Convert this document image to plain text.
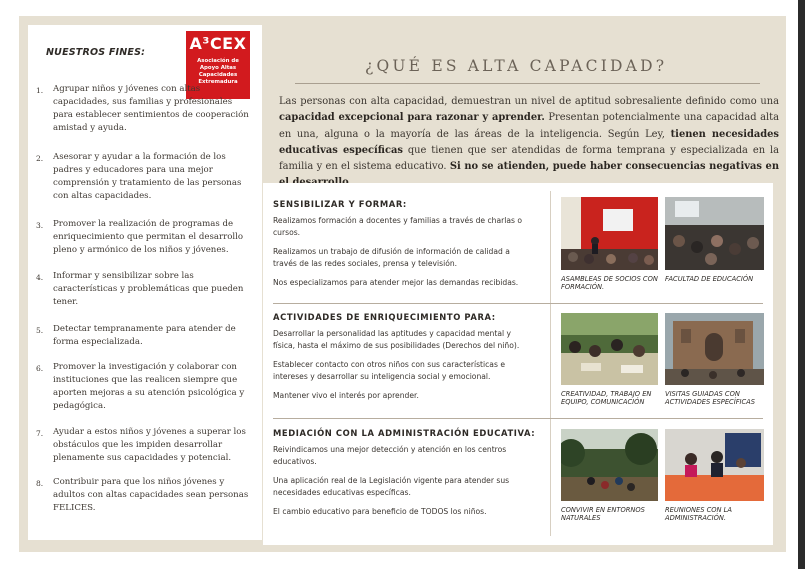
NUESTROS FINES:	A³CEX
Asociación de Apoyo Altas Capacidades Extremadura
1. Agrupar niños y jóvenes con altas capacidades, sus familias y profesionales para establecer sentimientos de cooperación amistad y ayuda.
2. Asesorar y ayudar a la formación de los padres y educadores para una mejor comprensión y tratamiento de las personas con altas capacidades.
3. Promover la realización de programas de enriquecimiento que permitan el desarrollo pleno y armónico de los niños y jóvenes.
4. Informar y sensibilizar sobre las características y problemáticas que pueden tener.
5. Detectar tempranamente para atender de forma especializada.
6. Promover la investigación y colaborar con instituciones que las realicen siempre que aporten mejoras a su atención psicológica y pedagógica.
7. Ayudar a estos niños y jóvenes a superar los obstáculos que les impiden desarrollar plenamente sus capacidades y potencial.
8. Contribuir para que los niños jóvenes y adultos con altas capacidades sean personas FELICES.
¿QUÉ ES ALTA CAPACIDAD?
Las personas con alta capacidad, demuestran un nivel de aptitud sobresaliente definido como una capacidad excepcional para razonar y aprender. Presentan potencialmente una capacidad alta en una, alguna o la mayoría de las áreas de la inteligencia. Según Ley, tienen necesidades educativas específicas que tienen que ser atendidas de forma temprana y especializada en la familia y en el sistema educativo. Si no se atienden, puede haber consecuencias negativas en
SENSIBILIZAR Y FORMAR:

Realizamos formación a docentes y familias a través de charlas o cursos.

Realizamos un trabajo de difusión de información de calidad a través de las redes sociales, prensa y televisión.

Nos especializamos para atender mejor las demandas recibidas.	ASAMBLEAS DE SOCIOS CON FORMACIÓN.
FACULTAD DE EDUCACIÓN
ACTIVIDADES DE ENRIQUECIMIENTO PARA:

Desarrollar la personalidad las aptitudes y capacidad mental y física, hasta el máximo de sus posibilidades (Derechos del niño).

Establecer contacto con otros niños con sus características e intereses y desarrollar su inteligencia social y emocional.

Mantener vivo el interés por aprender.	CREATIVIDAD, TRABAJO EN EQUIPO, COMUNICACIÓN
VISITAS GUIADAS CON ACTIVIDADES ESPECÍFICAS
MEDIACIÓN CON LA ADMINISTRACIÓN EDUCATIVA:

Reivindicamos una mejor detección y atención en los centros educativos.

Una aplicación real de la Legislación vigente para atender sus necesidades educativas específicas.

El cambio educativo para beneficio de TODOS los niños.	CONVIVIR EN ENTORNOS NATURALES
REUNIONES CON LA ADMINISTRACIÓN.
